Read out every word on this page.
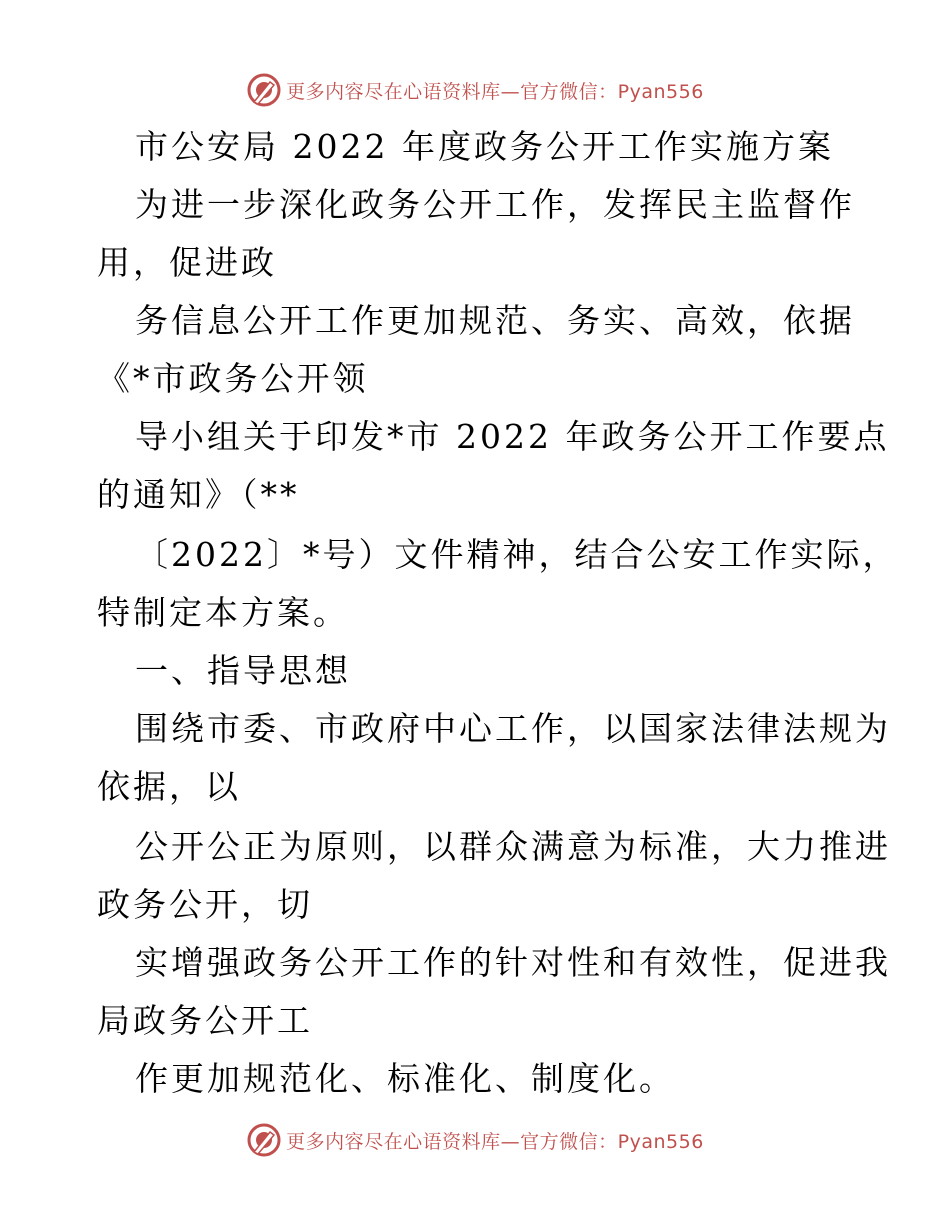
更多内容尽在心语资料库—官方微信：Pyan556
市公安局 2022 年度政务公开工作实施方案
为进一步深化政务公开工作，发挥民主监督作
用，促进政
务信息公开工作更加规范、务实、高效，依据
《*市政务公开领
导小组关于印发*市 2022 年政务公开工作要点
的通知》（**
〔2022〕*号）文件精神，结合公安工作实际，
特制定本方案。
一、指导思想
围绕市委、市政府中心工作，以国家法律法规为
依据，以
公开公正为原则，以群众满意为标准，大力推进
政务公开，切
实增强政务公开工作的针对性和有效性，促进我
局政务公开工
作更加规范化、标准化、制度化。
更多内容尽在心语资料库—官方微信：Pyan556
